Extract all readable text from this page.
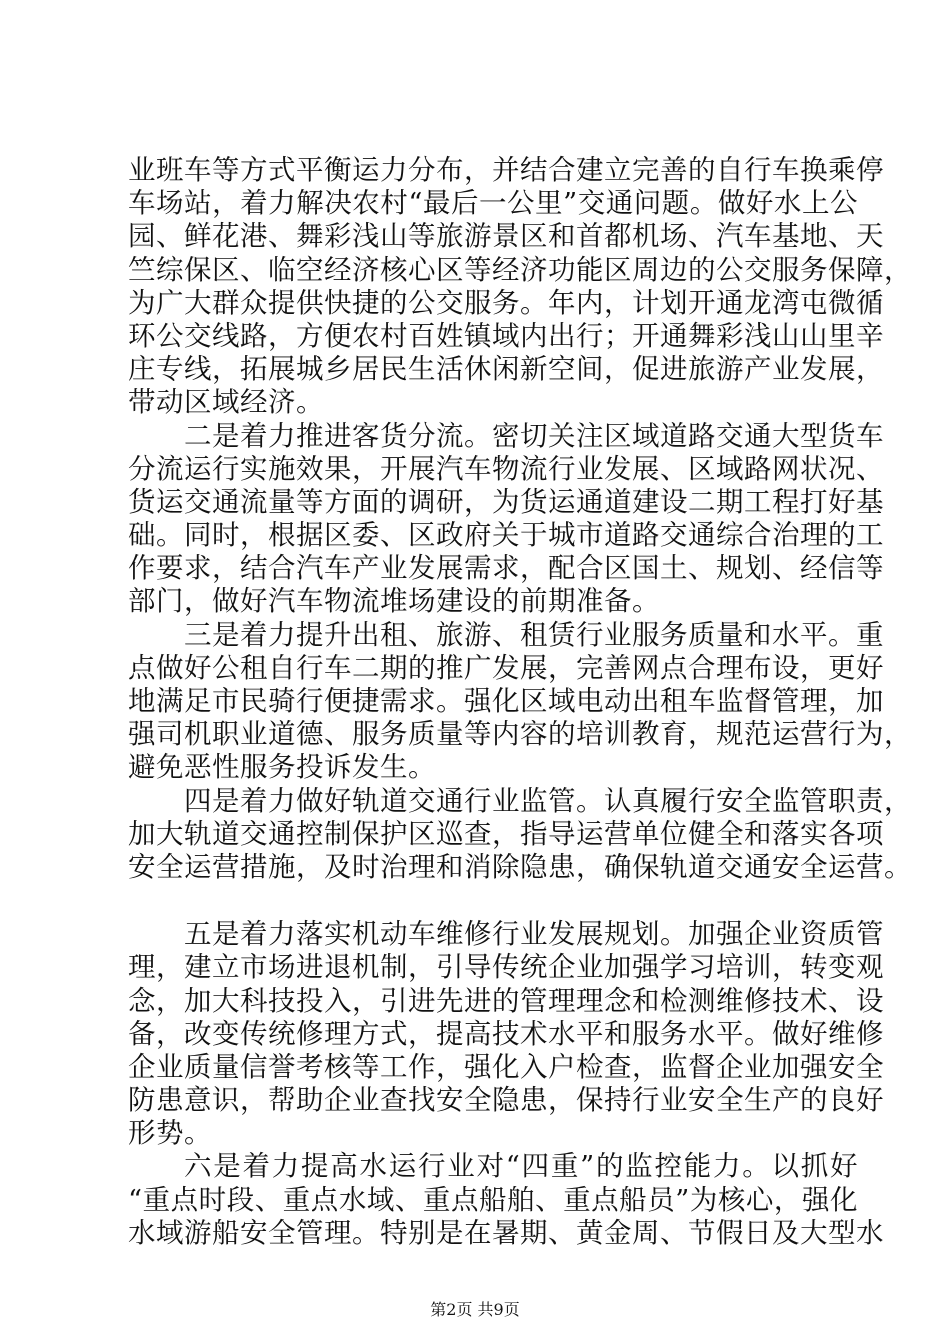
业班车等方式平衡运力分布，并结合建立完善的自行车换乘停
车场站，着力解决农村“最后一公里”交通问题。做好水上公
园、鲜花港、舞彩浅山等旅游景区和首都机场、汽车基地、天
竺综保区、临空经济核心区等经济功能区周边的公交服务保障，
为广大群众提供快捷的公交服务。年内，计划开通龙湾屯微循
环公交线路，方便农村百姓镇域内出行；开通舞彩浅山山里辛
庄专线，拓展城乡居民生活休闲新空间，促进旅游产业发展，
带动区域经济。
二是着力推进客货分流。密切关注区域道路交通大型货车
分流运行实施效果，开展汽车物流行业发展、区域路网状况、
货运交通流量等方面的调研，为货运通道建设二期工程打好基
础。同时，根据区委、区政府关于城市道路交通综合治理的工
作要求，结合汽车产业发展需求，配合区国土、规划、经信等
部门，做好汽车物流堆场建设的前期准备。
三是着力提升出租、旅游、租赁行业服务质量和水平。重
点做好公租自行车二期的推广发展，完善网点合理布设，更好
地满足市民骑行便捷需求。强化区域电动出租车监督管理，加
强司机职业道德、服务质量等内容的培训教育，规范运营行为，
避免恶性服务投诉发生。
四是着力做好轨道交通行业监管。认真履行安全监管职责，
加大轨道交通控制保护区巡查，指导运营单位健全和落实各项
安全运营措施，及时治理和消除隐患，确保轨道交通安全运营。
五是着力落实机动车维修行业发展规划。加强企业资质管
理，建立市场进退机制，引导传统企业加强学习培训，转变观
念，加大科技投入，引进先进的管理理念和检测维修技术、设
备，改变传统修理方式，提高技术水平和服务水平。做好维修
企业质量信誉考核等工作，强化入户检查，监督企业加强安全
防患意识，帮助企业查找安全隐患，保持行业安全生产的良好
形势。
六是着力提高水运行业对“四重”的监控能力。以抓好
“重点时段、重点水域、重点船舶、重点船员”为核心，强化
水域游船安全管理。特别是在暑期、黄金周、节假日及大型水
第2页 共9页
